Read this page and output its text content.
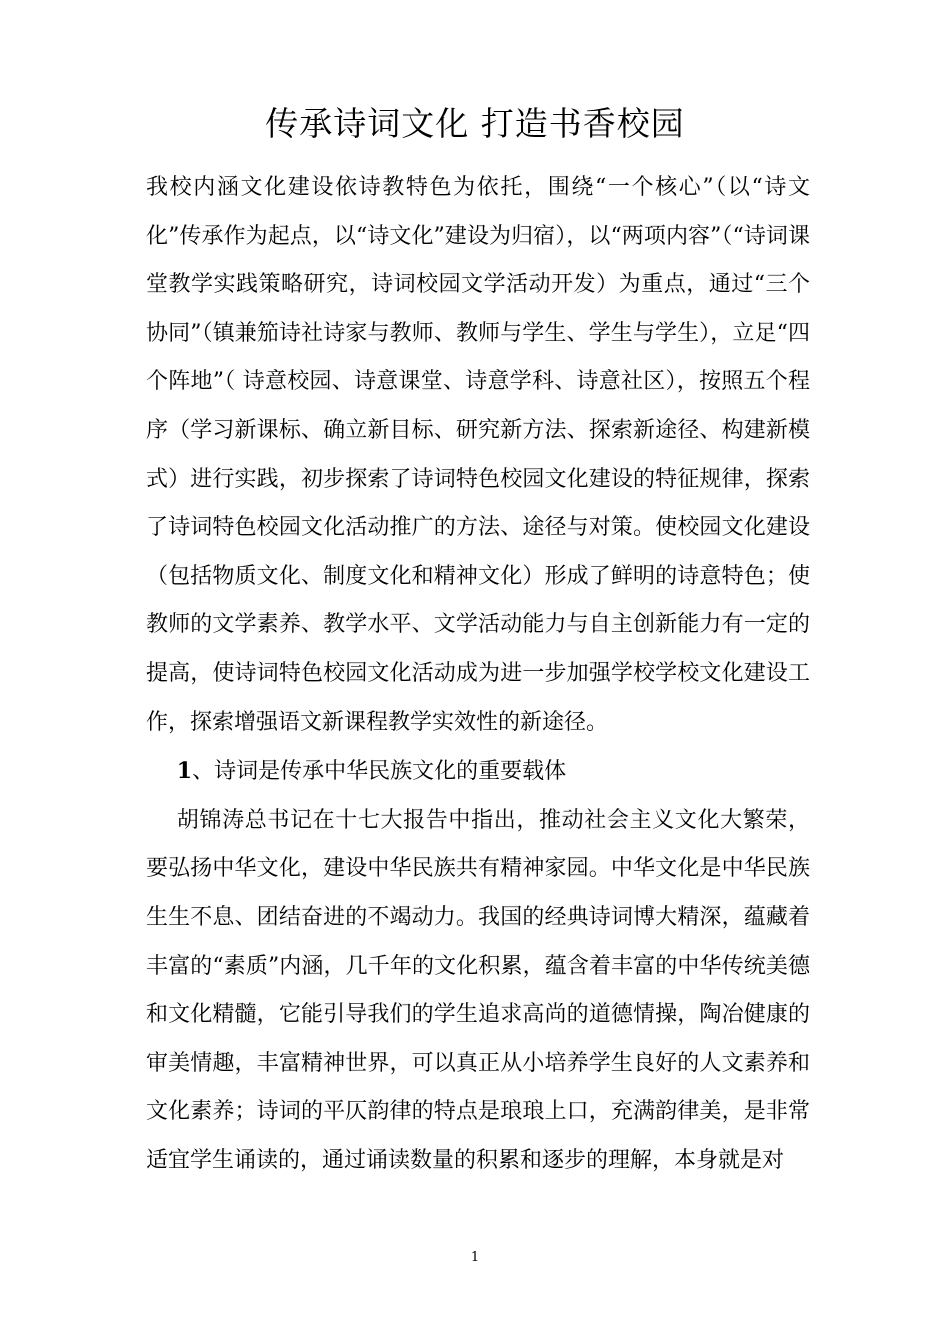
传承诗词文化 打造书香校园

我校内涵文化建设依诗教特色为依托，围绕“一个核心”（以“诗文化”传承作为起点，以“诗文化”建设为归宿），以“两项内容”（“诗词课堂教学实践策略研究，诗词校园文学活动开发）为重点，通过“三个协同”（镇兼笳诗社诗家与教师、教师与学生、学生与学生），立足“四个阵地”（ 诗意校园、诗意课堂、诗意学科、诗意社区），按照五个程序（学习新课标、确立新目标、研究新方法、探索新途径、构建新模式）进行实践，初步探索了诗词特色校园文化建设的特征规律，探索了诗词特色校园文化活动推广的方法、途径与对策。使校园文化建设（包括物质文化、制度文化和精神文化）形成了鲜明的诗意特色；使教师的文学素养、教学水平、文学活动能力与自主创新能力有一定的提高，使诗词特色校园文化活动成为进一步加强学校学校文化建设工作，探索增强语文新课程教学实效性的新途径。

1、诗词是传承中华民族文化的重要载体

胡锦涛总书记在十七大报告中指出，推动社会主义文化大繁荣，要弘扬中华文化，建设中华民族共有精神家园。中华文化是中华民族生生不息、团结奋进的不竭动力。我国的经典诗词博大精深，蕴藏着丰富的“素质”内涵，几千年的文化积累，蕴含着丰富的中华传统美德和文化精髓，它能引导我们的学生追求高尚的道德情操，陶冶健康的审美情趣，丰富精神世界，可以真正从小培养学生良好的人文素养和文化素养；诗词的平仄韵律的特点是琅琅上口，充满韵律美，是非常适宜学生诵读的，通过诵读数量的积累和逐步的理解，本身就是对

1
